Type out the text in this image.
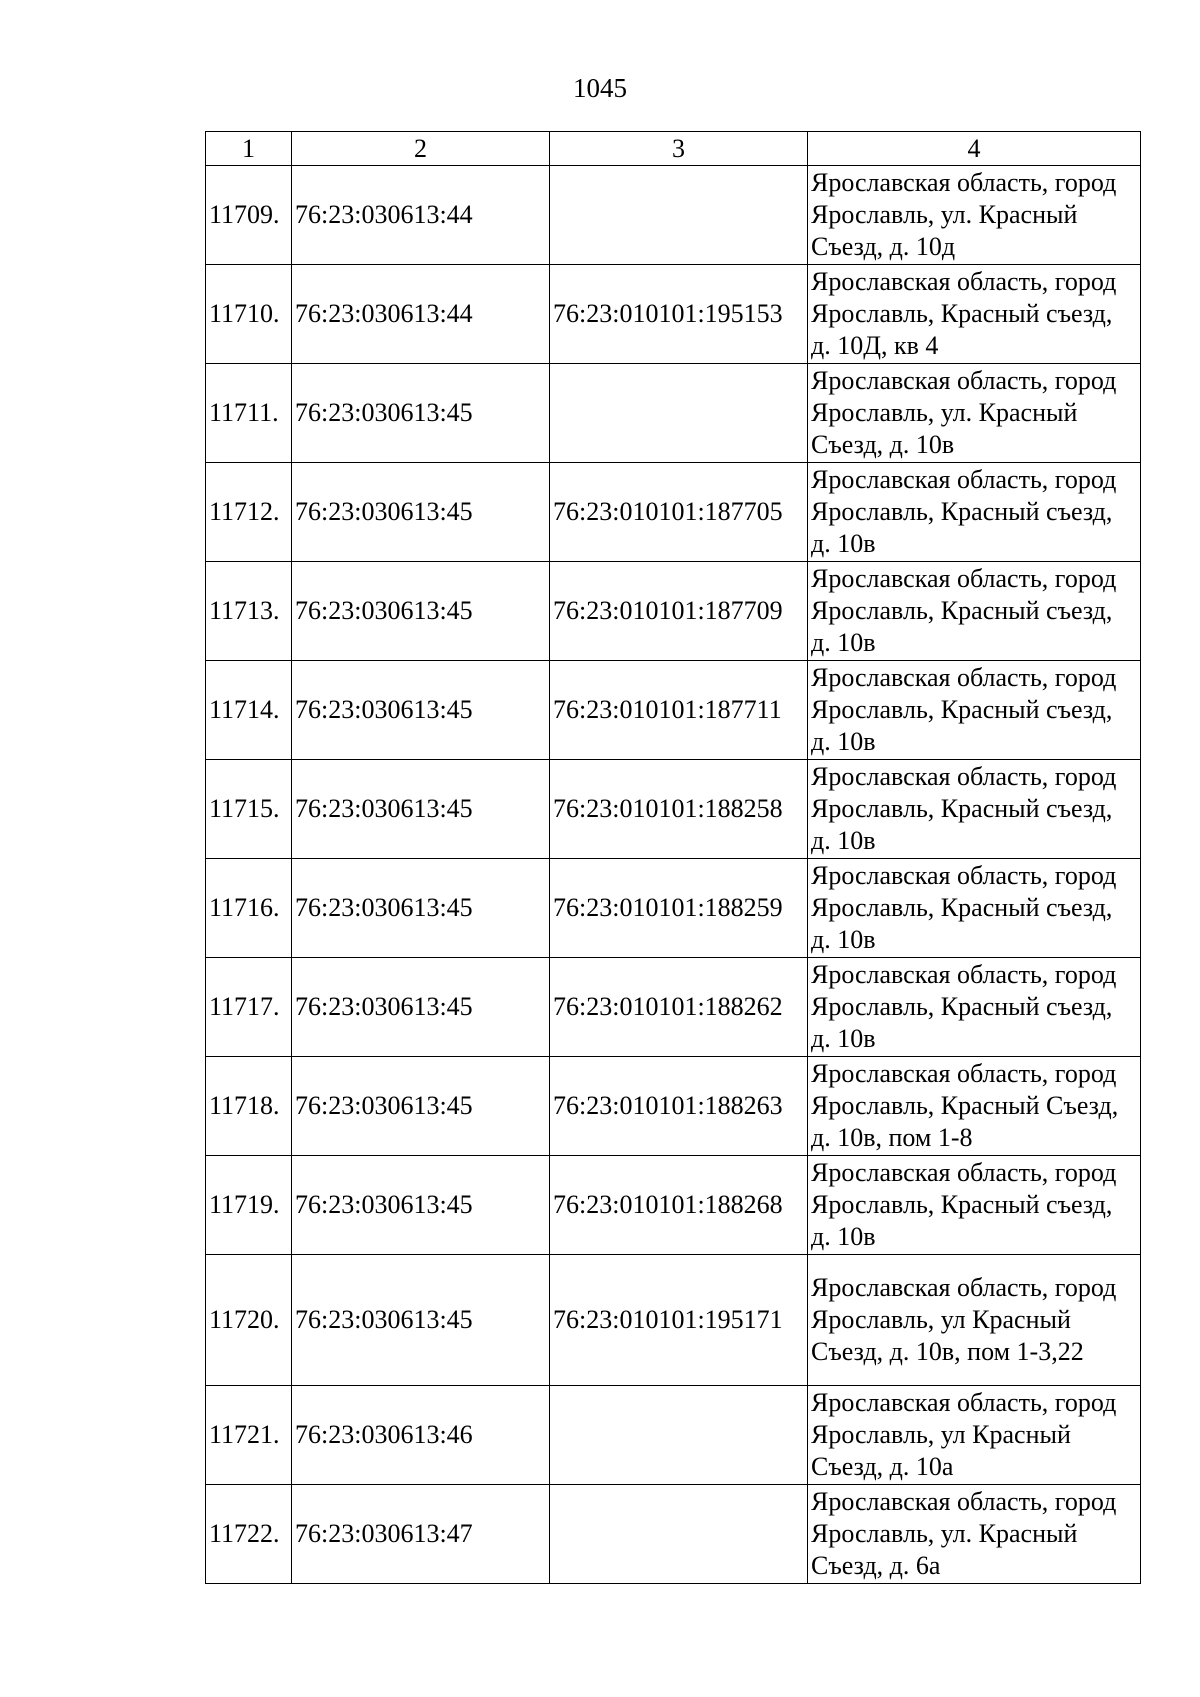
1045
1	2	3	4
11709.	76:23:030613:44		Ярославская область, город Ярославль, ул. Красный Съезд, д. 10д
11710.	76:23:030613:44	76:23:010101:195153	Ярославская область, город Ярославль, Красный съезд, д. 10Д, кв 4
11711.	76:23:030613:45		Ярославская область, город Ярославль, ул. Красный Съезд, д. 10в
11712.	76:23:030613:45	76:23:010101:187705	Ярославская область, город Ярославль, Красный съезд, д. 10в
11713.	76:23:030613:45	76:23:010101:187709	Ярославская область, город Ярославль, Красный съезд, д. 10в
11714.	76:23:030613:45	76:23:010101:187711	Ярославская область, город Ярославль, Красный съезд, д. 10в
11715.	76:23:030613:45	76:23:010101:188258	Ярославская область, город Ярославль, Красный съезд, д. 10в
11716.	76:23:030613:45	76:23:010101:188259	Ярославская область, город Ярославль, Красный съезд, д. 10в
11717.	76:23:030613:45	76:23:010101:188262	Ярославская область, город Ярославль, Красный съезд, д. 10в
11718.	76:23:030613:45	76:23:010101:188263	Ярославская область, город Ярославль, Красный Съезд, д. 10в, пом 1-8
11719.	76:23:030613:45	76:23:010101:188268	Ярославская область, город Ярославль, Красный съезд, д. 10в
11720.	76:23:030613:45	76:23:010101:195171	Ярославская область, город Ярославль, ул Красный Съезд, д. 10в, пом 1-3,22
11721.	76:23:030613:46		Ярославская область, город Ярославль, ул Красный Съезд, д. 10а
11722.	76:23:030613:47		Ярославская область, город Ярославль, ул. Красный Съезд, д. 6а
